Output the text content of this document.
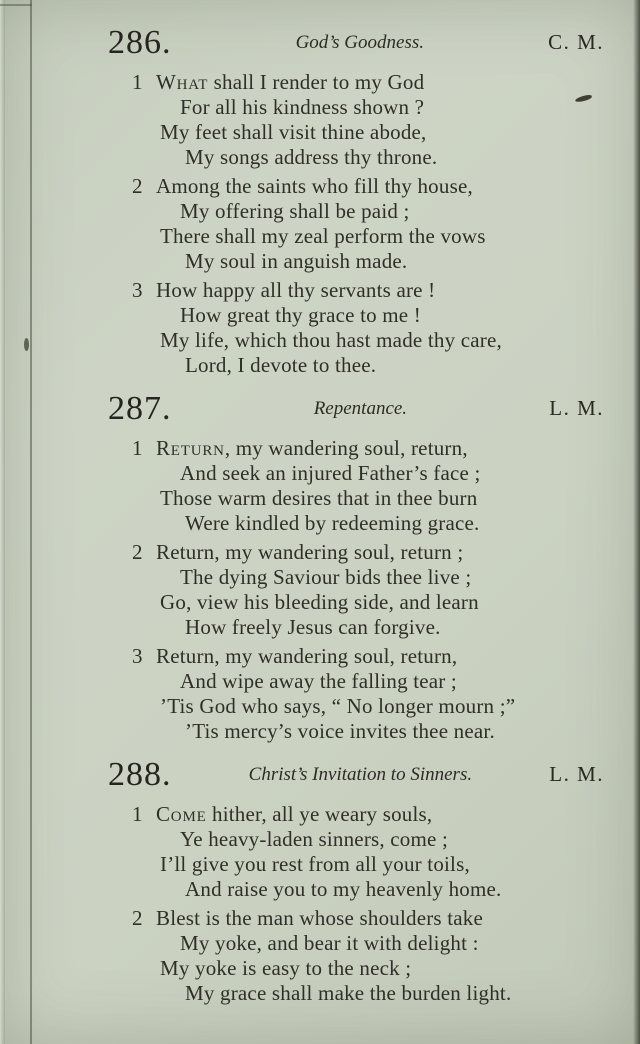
286.	God’s Goodness.	C. M.
1 What shall I render to my God
For all his kindness shown ?
My feet shall visit thine abode,
My songs address thy throne.
2 Among the saints who fill thy house,
My offering shall be paid ;
There shall my zeal perform the vows
My soul in anguish made.
3 How happy all thy servants are !
How great thy grace to me !
My life, which thou hast made thy care,
Lord, I devote to thee.
287.	Repentance.	L. M.
1 Return, my wandering soul, return,
And seek an injured Father’s face ;
Those warm desires that in thee burn
Were kindled by redeeming grace.
2 Return, my wandering soul, return ;
The dying Saviour bids thee live ;
Go, view his bleeding side, and learn
How freely Jesus can forgive.
3 Return, my wandering soul, return,
And wipe away the falling tear ;
’Tis God who says, “ No longer mourn ;”
’Tis mercy’s voice invites thee near.
288.	Christ’s Invitation to Sinners.	L. M.
1 Come hither, all ye weary souls,
Ye heavy-laden sinners, come ;
I’ll give you rest from all your toils,
And raise you to my heavenly home.
2 Blest is the man whose shoulders take
My yoke, and bear it with delight :
My yoke is easy to the neck ;
My grace shall make the burden light.
